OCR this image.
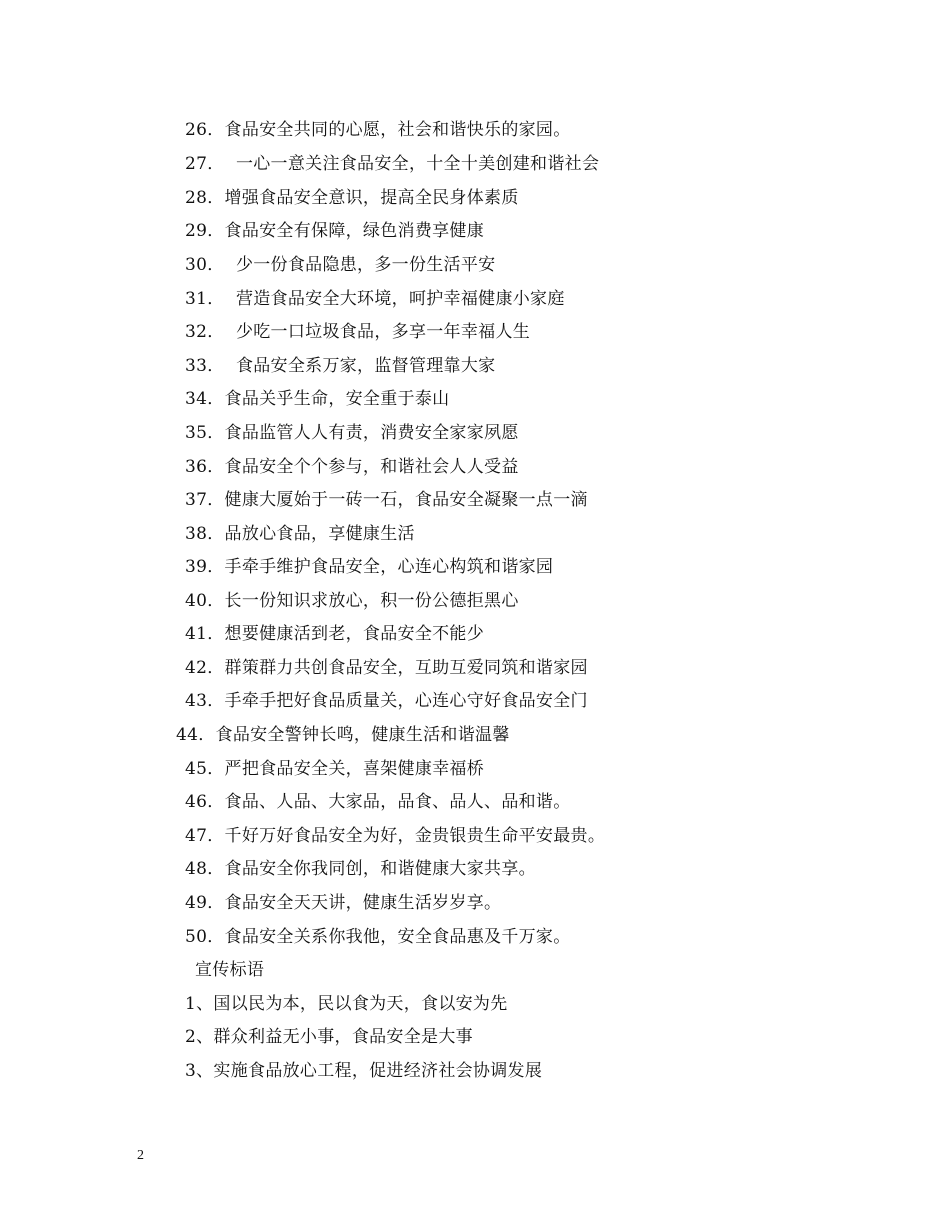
26．食品安全共同的心愿，社会和谐快乐的家园。
27．  一心一意关注食品安全，十全十美创建和谐社会
28．增强食品安全意识，提高全民身体素质
29．食品安全有保障，绿色消费享健康
30．  少一份食品隐患，多一份生活平安
31．  营造食品安全大环境，呵护幸福健康小家庭
32．  少吃一口垃圾食品，多享一年幸福人生
33．  食品安全系万家，监督管理靠大家
34．食品关乎生命，安全重于泰山
35．食品监管人人有责，消费安全家家夙愿
36．食品安全个个参与，和谐社会人人受益
37．健康大厦始于一砖一石，食品安全凝聚一点一滴
38．品放心食品，享健康生活
39．手牵手维护食品安全，心连心构筑和谐家园
40．长一份知识求放心，积一份公德拒黑心
41．想要健康活到老，食品安全不能少
42．群策群力共创食品安全，互助互爱同筑和谐家园
43．手牵手把好食品质量关，心连心守好食品安全门
44．食品安全警钟长鸣，健康生活和谐温馨
45．严把食品安全关，喜架健康幸福桥
46．食品、人品、大家品，品食、品人、品和谐。
47．千好万好食品安全为好，金贵银贵生命平安最贵。
48．食品安全你我同创，和谐健康大家共享。
49．食品安全天天讲，健康生活岁岁享。
50．食品安全关系你我他，安全食品惠及千万家。
宣传标语
1、国以民为本，民以食为天，食以安为先
2、群众利益无小事，食品安全是大事
3、实施食品放心工程，促进经济社会协调发展
2
